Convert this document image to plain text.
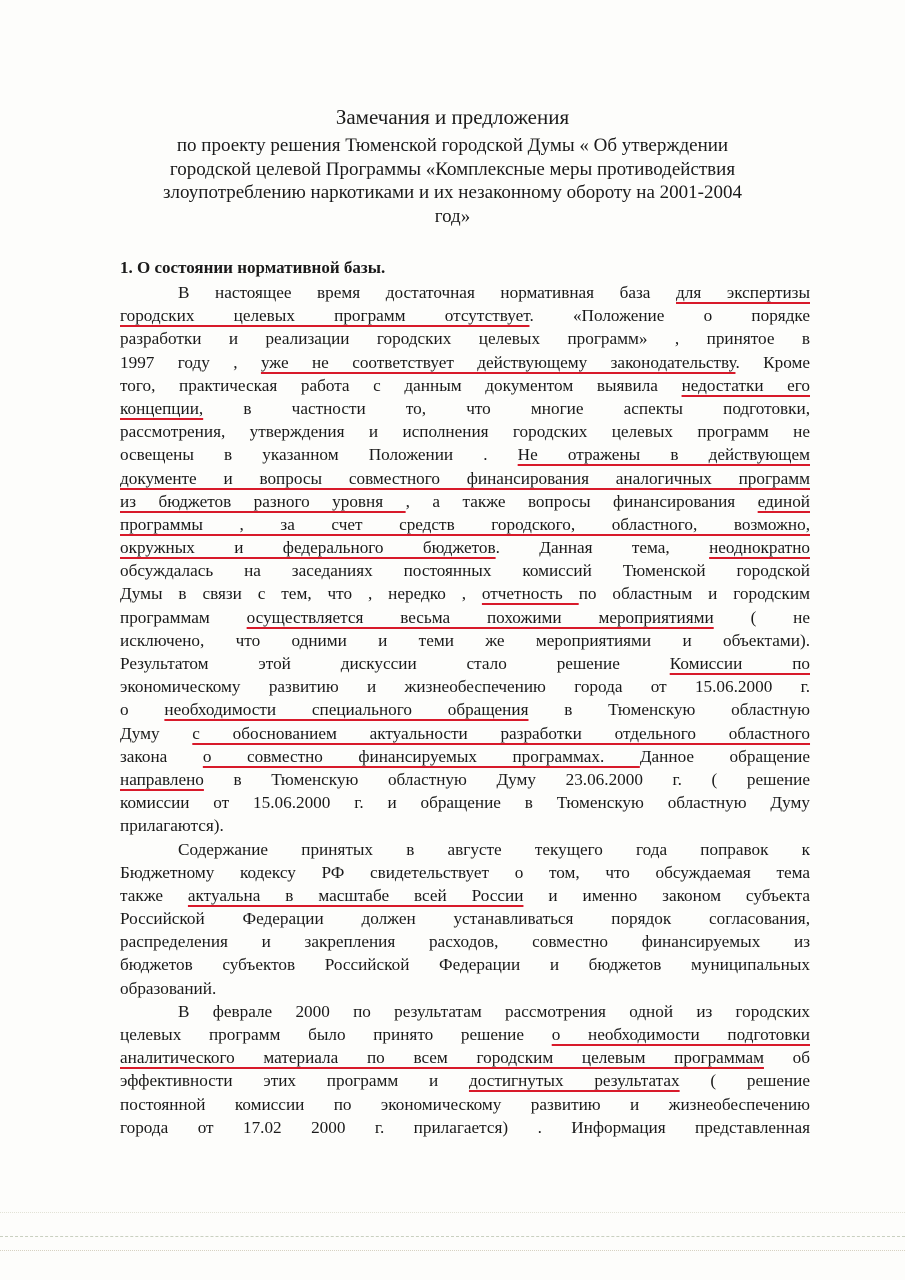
Замечания и предложения
по проекту решения Тюменской городской Думы « Об утверждении
городской целевой Программы «Комплексные меры противодействия
злоупотреблению наркотиками и их незаконному обороту на 2001-2004
год»
1. О состоянии нормативной базы.
В настоящее время достаточная нормативная база для экспертизы
городских целевых программ отсутствует. «Положение о порядке
разработки и реализации городских целевых программ» , принятое в
1997 году , уже не соответствует действующему законодательству. Кроме
того, практическая работа с данным документом выявила недостатки его
концепции, в частности то, что многие аспекты подготовки,
рассмотрения, утверждения и исполнения городских целевых программ не
освещены в указанном Положении . Не отражены в действующем
документе и вопросы совместного финансирования аналогичных программ
из бюджетов разного уровня , а также вопросы финансирования единой
программы , за счет средств городского, областного, возможно,
окружных и федерального бюджетов. Данная тема, неоднократно
обсуждалась на заседаниях постоянных комиссий Тюменской городской
Думы в связи с тем, что , нередко , отчетность по областным и городским
программам осуществляется весьма похожими мероприятиями ( не
исключено, что одними и теми же мероприятиями и объектами).
Результатом этой дискуссии стало решение Комиссии по
экономическому развитию и жизнеобеспечению города от 15.06.2000 г.
о необходимости специального обращения в Тюменскую областную
Думу с обоснованием актуальности разработки отдельного областного
закона о совместно финансируемых программах. Данное обращение
направлено в Тюменскую областную Думу 23.06.2000 г. ( решение
комиссии от 15.06.2000 г. и обращение в Тюменскую областную Думу
прилагаются).
Содержание принятых в августе текущего года поправок к
Бюджетному кодексу РФ свидетельствует о том, что обсуждаемая тема
также актуальна в масштабе всей России и именно законом субъекта
Российской Федерации должен устанавливаться порядок согласования,
распределения и закрепления расходов, совместно финансируемых из
бюджетов субъектов Российской Федерации и бюджетов муниципальных
образований.
В феврале 2000 по результатам рассмотрения одной из городских
целевых программ было принято решение о необходимости подготовки
аналитического материала по всем городским целевым программам об
эффективности этих программ и достигнутых результатах ( решение
постоянной комиссии по экономическому развитию и жизнеобеспечению
города от 17.02 2000 г. прилагается) . Информация представленная
